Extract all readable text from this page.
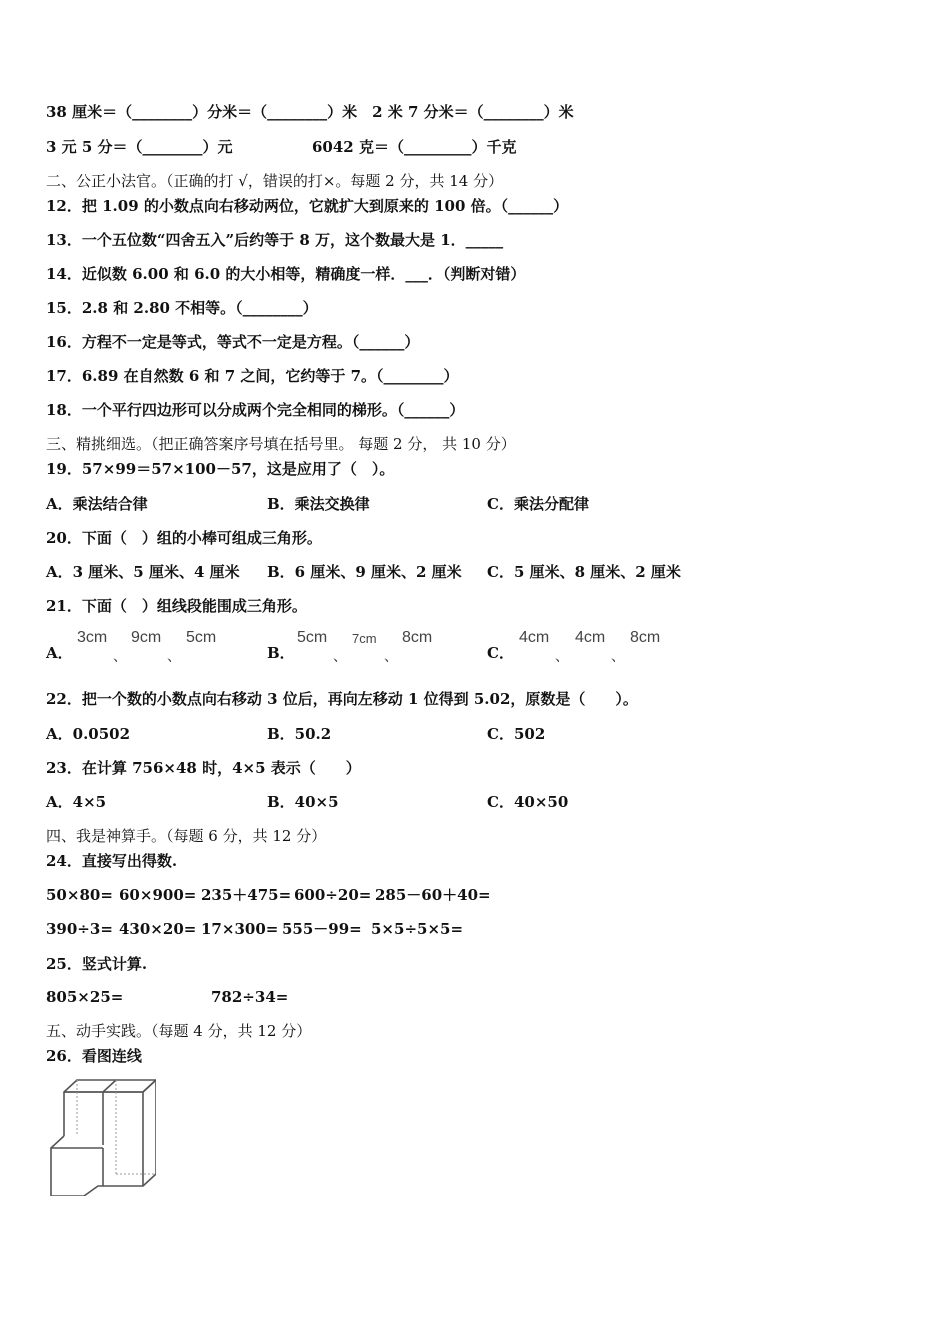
38 厘米＝（________）分米＝（________）米　2 米 7 分米＝（________）米
3 元 5 分＝（________）元	6042 克＝（_________）千克
二、公正小法官。（正确的打 √，错误的打×。每题 2 分，共 14 分）
12．把 1.09 的小数点向右移动两位，它就扩大到原来的 100 倍。（______）
13．一个五位数“四舍五入”后约等于 8 万，这个数最大是 1．_____
14．近似数 6.00 和 6.0 的大小相等，精确度一样．___．（判断对错）
15．2.8 和 2.80 不相等。（________）
16．方程不一定是等式，等式不一定是方程。（______）
17．6.89 在自然数 6 和 7 之间，它约等于 7。（________）
18．一个平行四边形可以分成两个完全相同的梯形。（______）
三、精挑细选。（把正确答案序号填在括号里。 每题 2 分， 共 10 分）
19．57×99＝57×100－57，这是应用了（　）。
A．乘法结合律	B．乘法交换律	C．乘法分配律
20．下面（　）组的小棒可组成三角形。
A．3 厘米、5 厘米、4 厘米 B．6 厘米、9 厘米、2 厘米 C．5 厘米、8 厘米、2 厘米
21．下面（　）组线段能围成三角形。
A．
3cm
、
9cm
、
5cm
B．
5cm
、
7cm
、
8cm
C．
4cm
、
4cm
、
8cm
22．把一个数的小数点向右移动 3 位后，再向左移动 1 位得到 5.02，原数是（　　）。
A．0.0502	B．50.2	C．502
23．在计算 756×48 时，4×5 表示（　　）
A．4×5	B．40×5	C．40×50
四、我是神算手。（每题 6 分，共 12 分）
24．直接写出得数.
50×80= 60×900= 235＋475= 600÷20= 285－60＋40=
390÷3= 430×20= 17×300= 555－99= 5×5÷5×5=
25．竖式计算.
805×25=	782÷34=
五、动手实践。（每题 4 分，共 12 分）
26．看图连线
